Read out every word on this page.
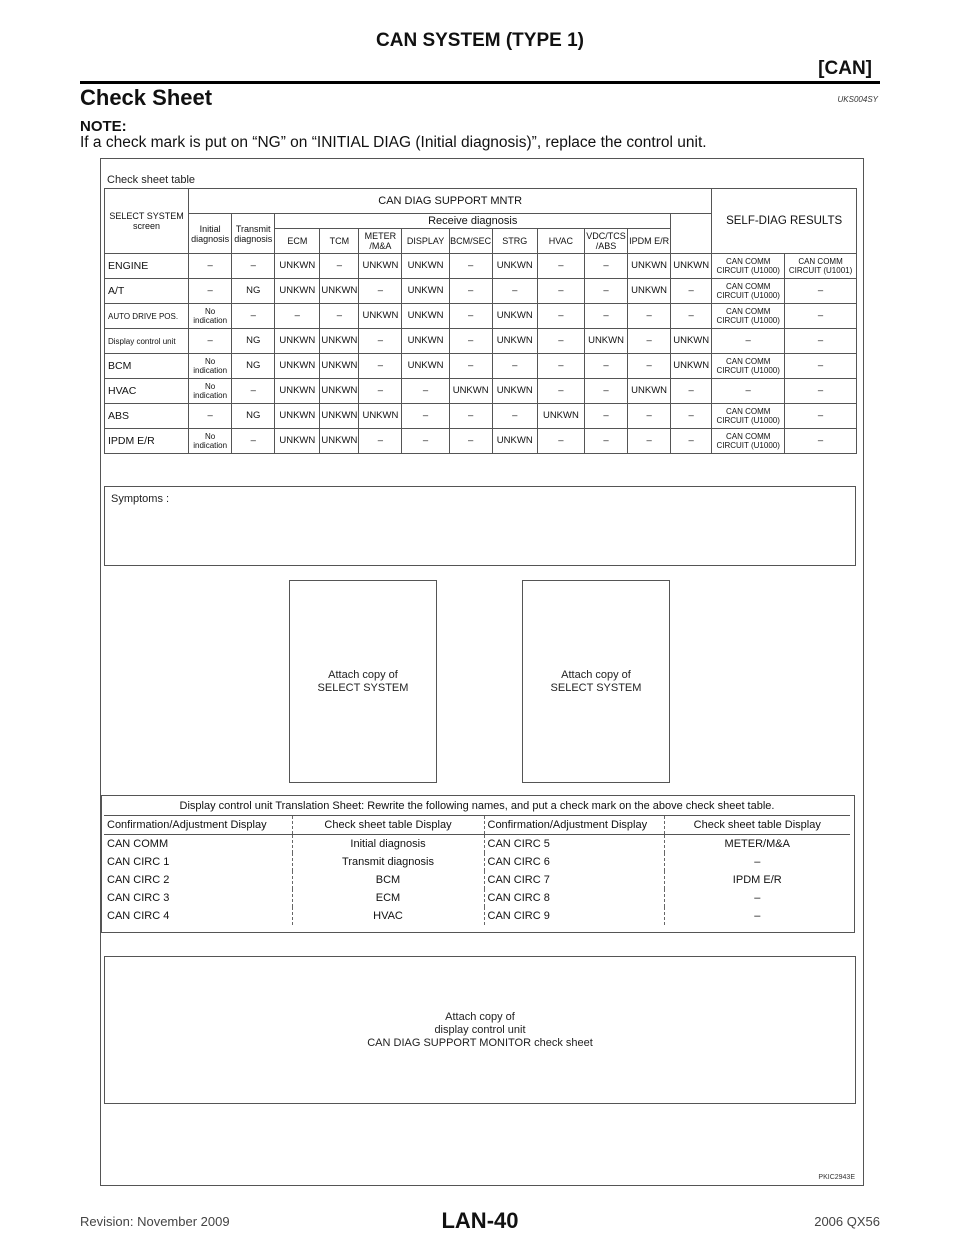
CAN SYSTEM (TYPE 1)
[CAN]
Check Sheet	UKS004SY
NOTE:
If a check mark is put on “NG” on “INITIAL DIAG (Initial diagnosis)”, replace the control unit.
Check sheet table
SELECT SYSTEM screen	CAN DIAG SUPPORT MNTR												SELF-DIAG RESULTS	
	Initial diagnosis	Transmit diagnosis	Receive diagnosis											
			ECM	TCM	METER /M&A	DISPLAY	BCM/SEC	STRG	HVAC	VDC/TCS /ABS	IPDM E/R			
ENGINE	–	–	UNKWN	–	UNKWN	UNKWN	–	UNKWN	–	–	UNKWN	UNKWN	CAN COMM CIRCUIT (U1000)	CAN COMM CIRCUIT (U1001)
A/T	–	NG	UNKWN	UNKWN	–	UNKWN	–	–	–	–	UNKWN	–	CAN COMM CIRCUIT (U1000)	–
AUTO DRIVE POS.	No indication	–	–	–	UNKWN	UNKWN	–	UNKWN	–	–	–	–	CAN COMM CIRCUIT (U1000)	–
Display control unit	–	NG	UNKWN	UNKWN	–	UNKWN	–	UNKWN	–	UNKWN	–	UNKWN	–	–
BCM	No indication	NG	UNKWN	UNKWN	–	UNKWN	–	–	–	–	–	UNKWN	CAN COMM CIRCUIT (U1000)	–
HVAC	No indication	–	UNKWN	UNKWN	–	–	UNKWN	UNKWN	–	–	UNKWN	–	–	–
ABS	–	NG	UNKWN	UNKWN	UNKWN	–	–	–	UNKWN	–	–	–	CAN COMM CIRCUIT (U1000)	–
IPDM E/R	No indication	–	UNKWN	UNKWN	–	–	–	UNKWN	–	–	–	–	CAN COMM CIRCUIT (U1000)	–
Symptoms :
Attach copy of
SELECT SYSTEM
Attach copy of
SELECT SYSTEM
Display control unit Translation Sheet: Rewrite the following names, and put a check mark on the above check sheet table.			
Confirmation/Adjustment Display	Check sheet table Display	Confirmation/Adjustment Display	Check sheet table Display
CAN COMM	Initial diagnosis	CAN CIRC 5	METER/M&A
CAN CIRC 1	Transmit diagnosis	CAN CIRC 6	–
CAN CIRC 2	BCM	CAN CIRC 7	IPDM E/R
CAN CIRC 3	ECM	CAN CIRC 8	–
CAN CIRC 4	HVAC	CAN CIRC 9	–
Attach copy of
display control unit
CAN DIAG SUPPORT MONITOR check sheet
PKIC2943E
LAN-40
Revision: November 2009	2006 QX56
